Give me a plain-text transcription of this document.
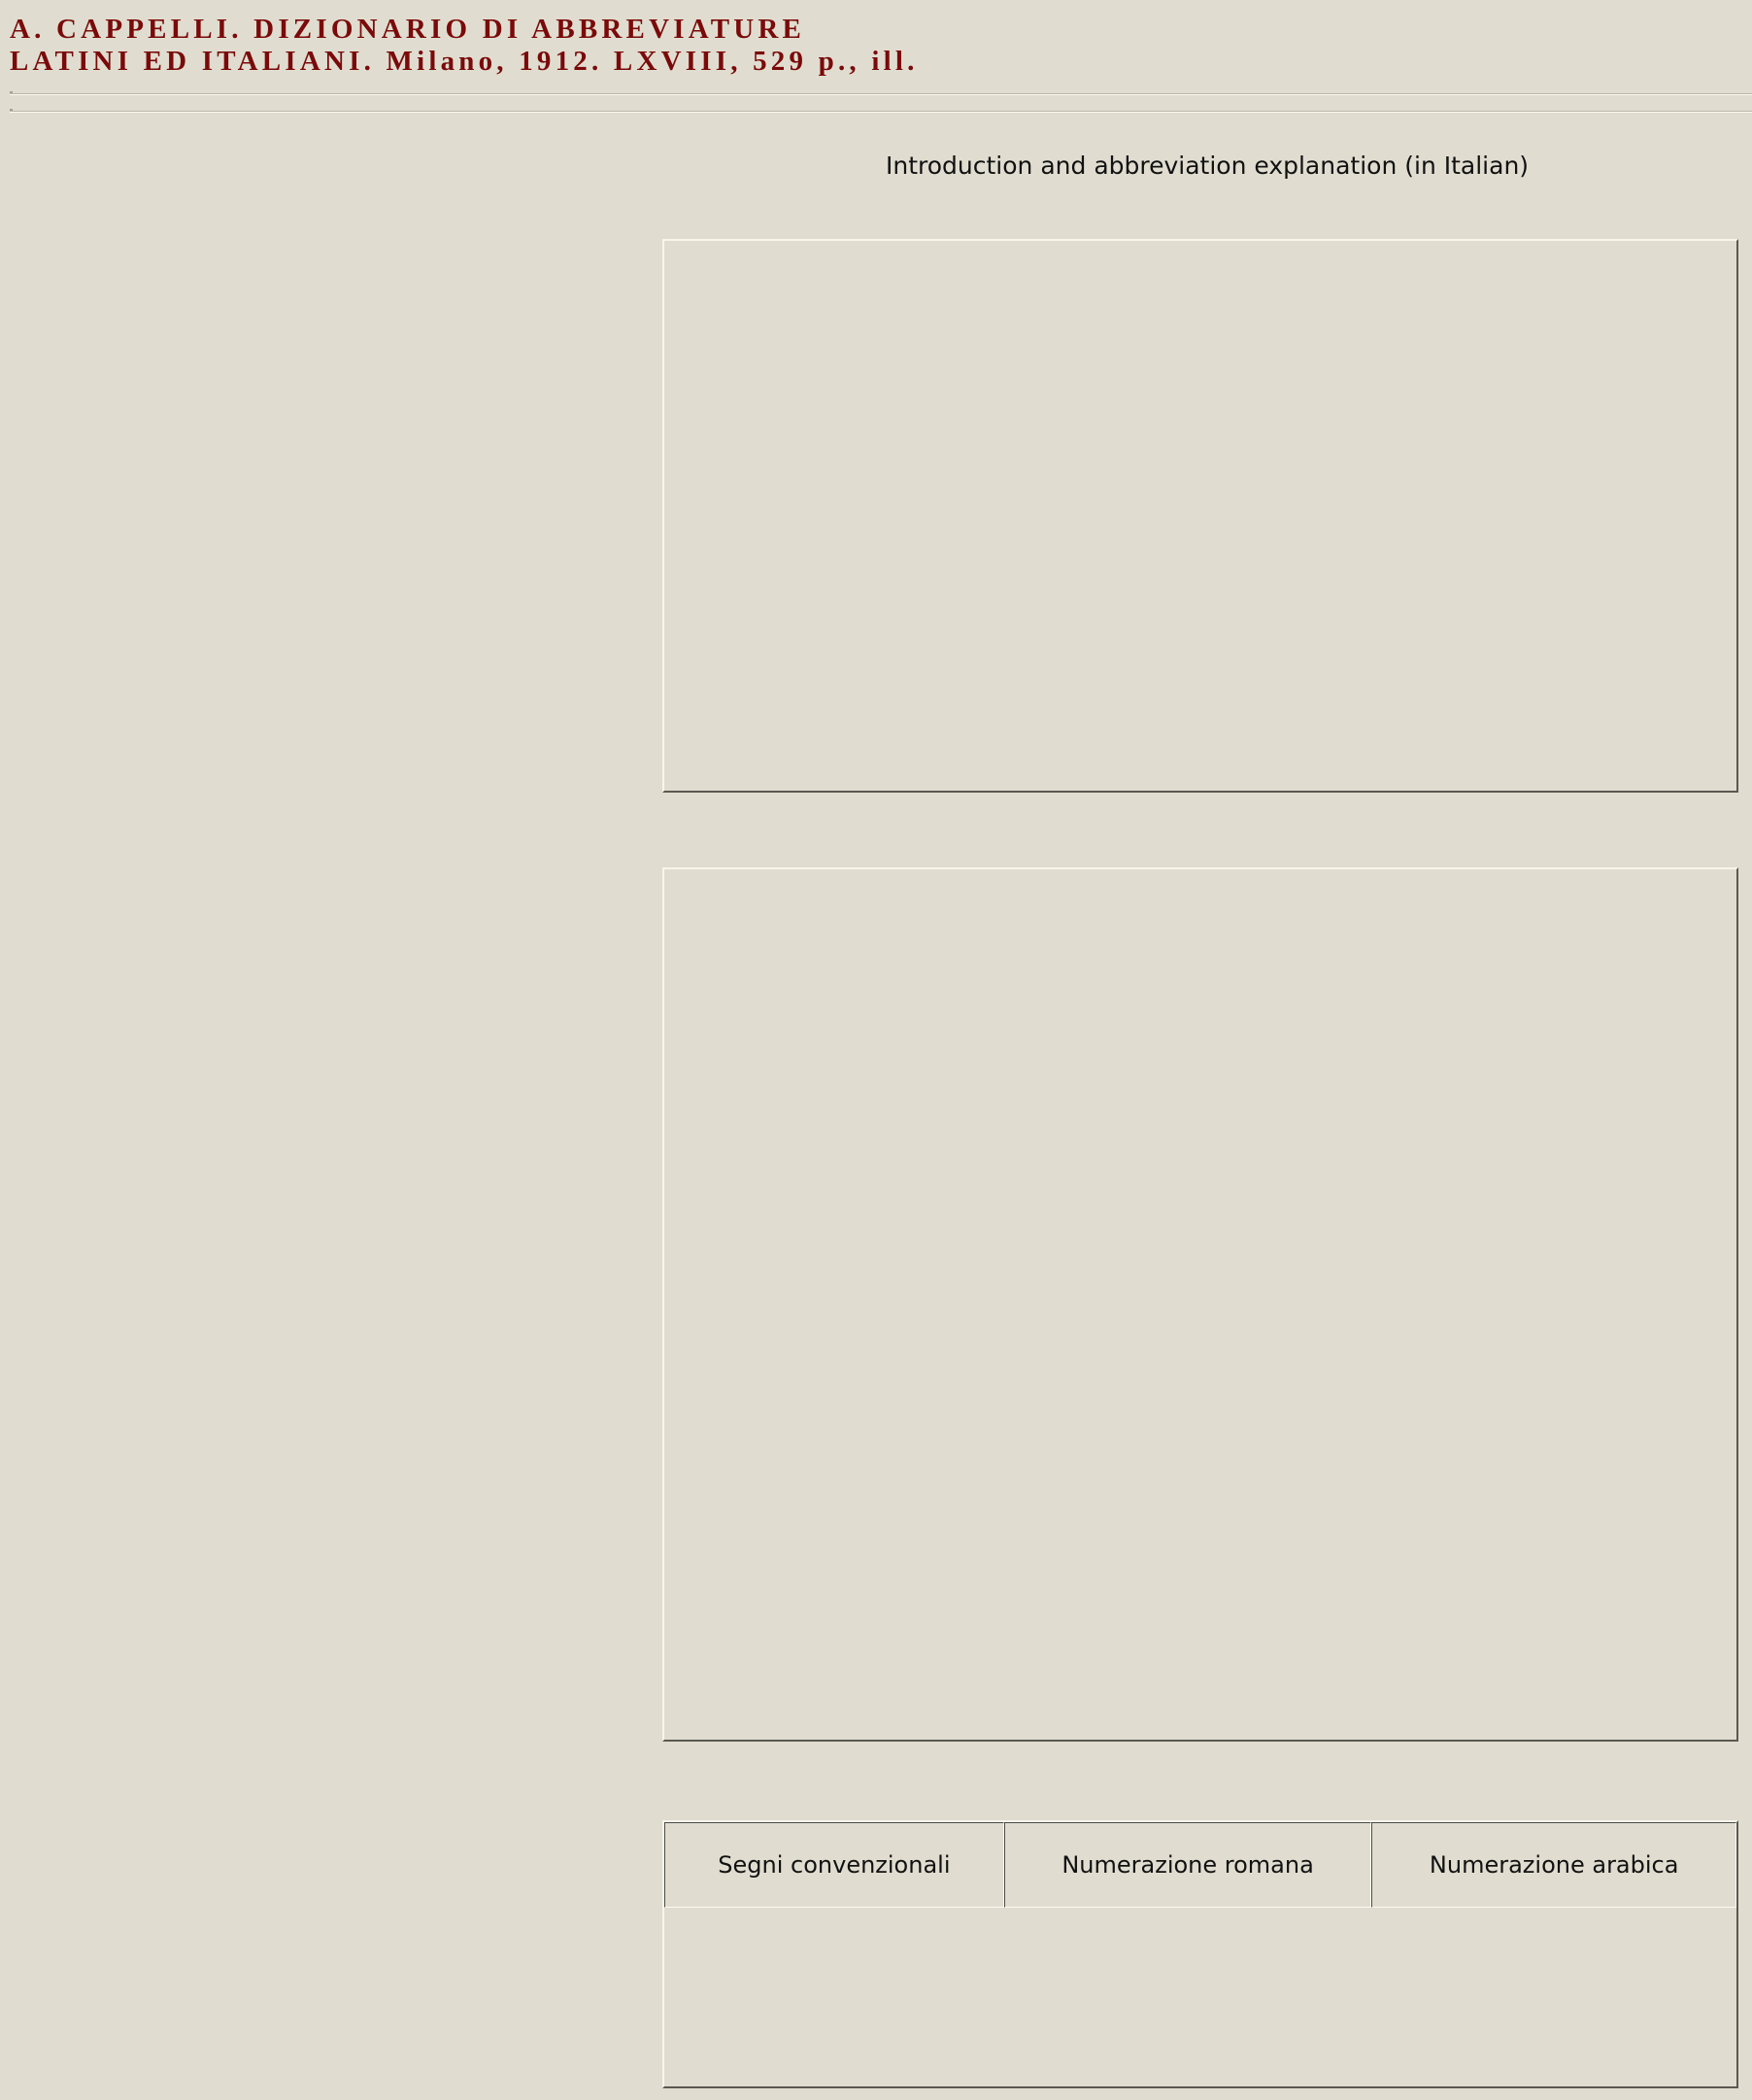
A. CAPPELLI. DIZIONARIO DI ABBREVIATURE
LATINI ED ITALIANI. Milano, 1912. LXVIII, 529 p., ill.
Introduction and abbreviation explanation (in Italian)

Segni convenzionali	Numerazione romana	Numerazione arabica
